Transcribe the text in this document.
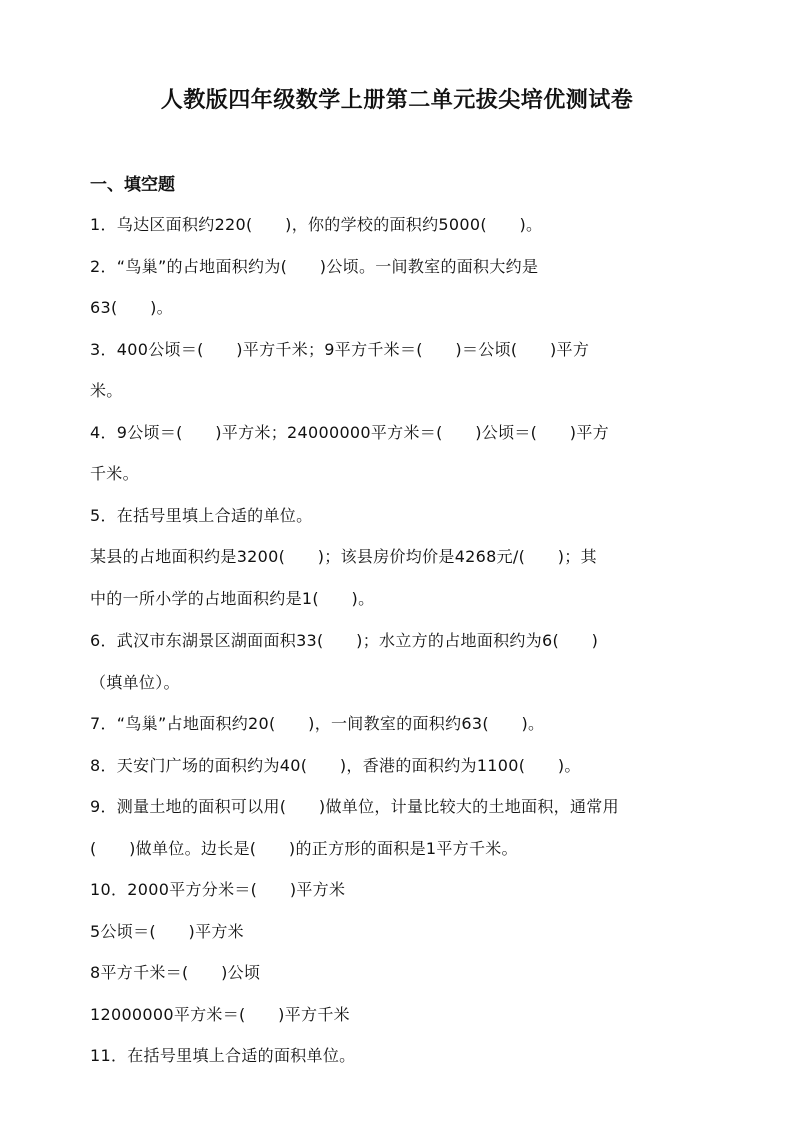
人教版四年级数学上册第二单元拔尖培优测试卷
一、填空题
1．乌达区面积约220(　　)，你的学校的面积约5000(　　)。
2．“鸟巢”的占地面积约为(　　)公顷。一间教室的面积大约是
63(　　)。
3．400公顷＝(　　)平方千米；9平方千米＝(　　)＝公顷(　　)平方
米。
4．9公顷＝(　　)平方米；24000000平方米＝(　　)公顷＝(　　)平方
千米。
5．在括号里填上合适的单位。
某县的占地面积约是3200(　　)；该县房价均价是4268元/(　　)；其
中的一所小学的占地面积约是1(　　)。
6．武汉市东湖景区湖面面积33(　　)；水立方的占地面积约为6(　　)
（填单位）。
7．“鸟巢”占地面积约20(　　)，一间教室的面积约63(　　)。
8．天安门广场的面积约为40(　　)，香港的面积约为1100(　　)。
9．测量土地的面积可以用(　　)做单位，计量比较大的土地面积，通常用
(　　)做单位。边长是(　　)的正方形的面积是1平方千米。
10．2000平方分米＝(　　)平方米
5公顷＝(　　)平方米
8平方千米＝(　　)公顷
12000000平方米＝(　　)平方千米
11．在括号里填上合适的面积单位。
